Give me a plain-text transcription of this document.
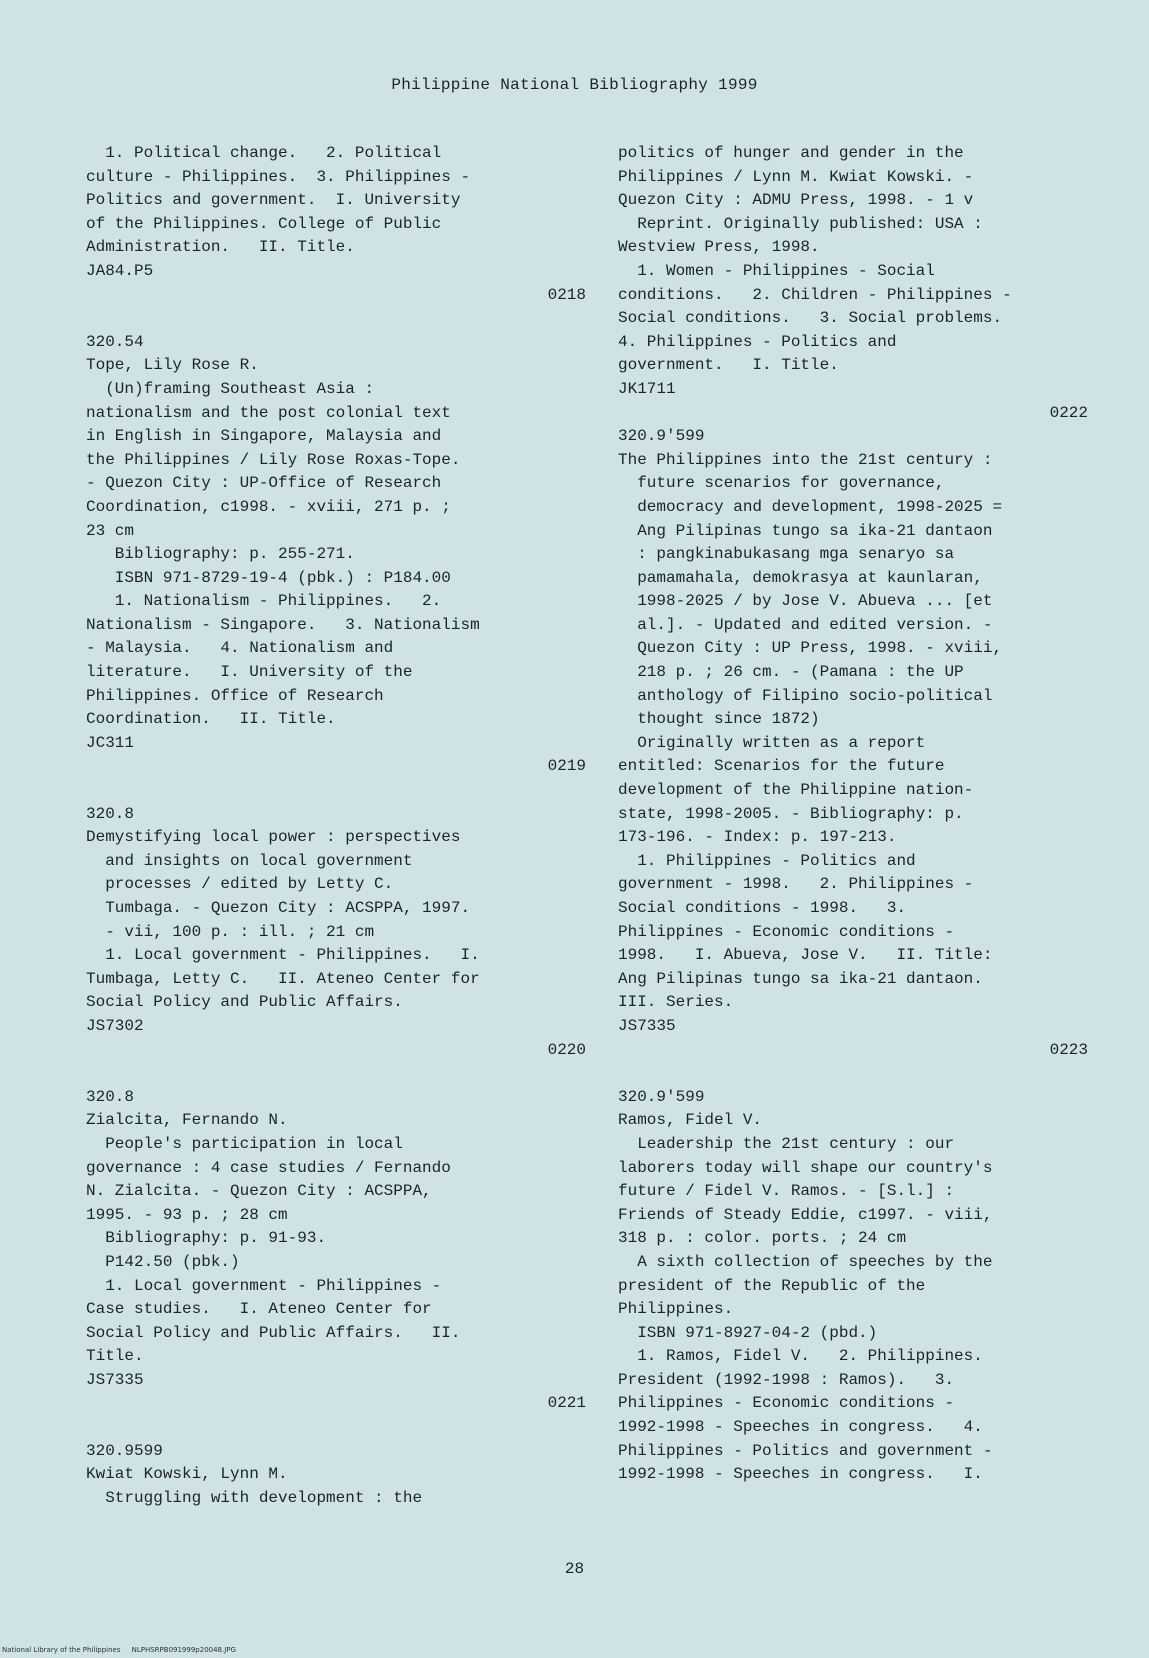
Philippine National Bibliography 1999
1. Political change.   2. Political
culture - Philippines.  3. Philippines -
Politics and government.  I. University
of the Philippines. College of Public
Administration.   II. Title.
JA84.P5
0218
320.54
Tope, Lily Rose R.
(Un)framing Southeast Asia :
nationalism and the post colonial text
in English in Singapore, Malaysia and
the Philippines / Lily Rose Roxas-Tope.
- Quezon City : UP-Office of Research
Coordination, c1998. - xviii, 271 p. ;
23 cm
Bibliography: p. 255-271.
ISBN 971-8729-19-4 (pbk.) : P184.00
1. Nationalism - Philippines.   2.
Nationalism - Singapore.   3. Nationalism
- Malaysia.   4. Nationalism and
literature.   I. University of the
Philippines. Office of Research
Coordination.   II. Title.
JC311
0219
320.8
Demystifying local power : perspectives
and insights on local government
processes / edited by Letty C.
Tumbaga. - Quezon City : ACSPPA, 1997.
- vii, 100 p. : ill. ; 21 cm
1. Local government - Philippines.   I.
Tumbaga, Letty C.   II. Ateneo Center for
Social Policy and Public Affairs.
JS7302
0220
320.8
Zialcita, Fernando N.
People's participation in local
governance : 4 case studies / Fernando
N. Zialcita. - Quezon City : ACSPPA,
1995. - 93 p. ; 28 cm
Bibliography: p. 91-93.
P142.50 (pbk.)
1. Local government - Philippines -
Case studies.   I. Ateneo Center for
Social Policy and Public Affairs.   II.
Title.
JS7335
0221
320.9599
Kwiat Kowski, Lynn M.
Struggling with development : the
politics of hunger and gender in the
Philippines / Lynn M. Kwiat Kowski. -
Quezon City : ADMU Press, 1998. - 1 v
Reprint. Originally published: USA :
Westview Press, 1998.
1. Women - Philippines - Social
conditions.   2. Children - Philippines -
Social conditions.   3. Social problems.
4. Philippines - Politics and
government.   I. Title.
JK1711
0222
320.9'599
The Philippines into the 21st century :
future scenarios for governance,
democracy and development, 1998-2025 =
Ang Pilipinas tungo sa ika-21 dantaon
: pangkinabukasang mga senaryo sa
pamamahala, demokrasya at kaunlaran,
1998-2025 / by Jose V. Abueva ... [et
al.]. - Updated and edited version. -
Quezon City : UP Press, 1998. - xviii,
218 p. ; 26 cm. - (Pamana : the UP
anthology of Filipino socio-political
thought since 1872)
Originally written as a report
entitled: Scenarios for the future
development of the Philippine nation-
state, 1998-2005. - Bibliography: p.
173-196. - Index: p. 197-213.
1. Philippines - Politics and
government - 1998.   2. Philippines -
Social conditions - 1998.   3.
Philippines - Economic conditions -
1998.   I. Abueva, Jose V.   II. Title:
Ang Pilipinas tungo sa ika-21 dantaon.
III. Series.
JS7335
0223
320.9'599
Ramos, Fidel V.
Leadership the 21st century : our
laborers today will shape our country's
future / Fidel V. Ramos. - [S.l.] :
Friends of Steady Eddie, c1997. - viii,
318 p. : color. ports. ; 24 cm
A sixth collection of speeches by the
president of the Republic of the
Philippines.
ISBN 971-8927-04-2 (pbd.)
1. Ramos, Fidel V.   2. Philippines.
President (1992-1998 : Ramos).   3.
Philippines - Economic conditions -
1992-1998 - Speeches in congress.   4.
Philippines - Politics and government -
1992-1998 - Speeches in congress.   I.
28
National Library of the Philippines     NLPHSRPB091999p20048.JPG
